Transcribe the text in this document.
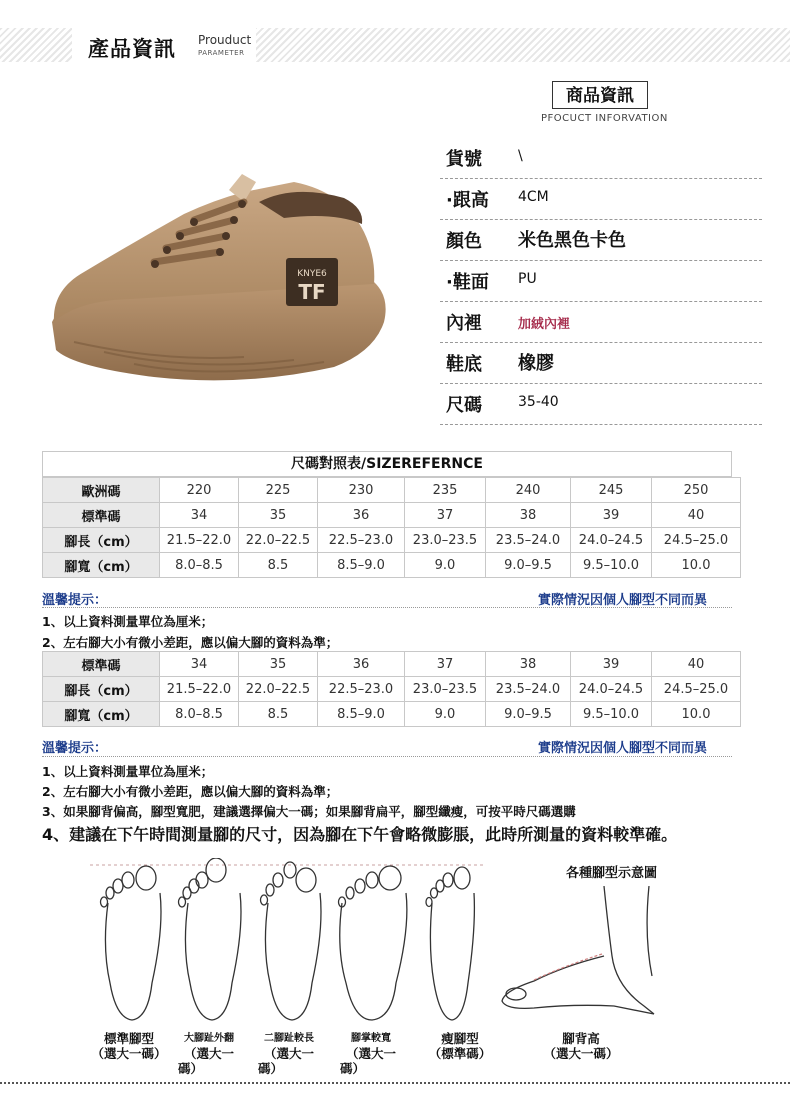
產品資訊 Prouduct
PARAMETER
KNYE6
TF
商品資訊
PFOCUCT INFORVATION
貨號	\
·跟高 4CM
顏色 米色黑色卡色
·鞋面 PU
內裡	加絨內裡
鞋底 橡膠
尺碼	35-40
尺碼對照表/SIZEREFERNCE
歐洲碼	220	225	230	235	240	245	250
標準碼	34	35	36	37	38	39	40
腳長（cm）	21.5–22.0	22.0–22.5	22.5–23.0	23.0–23.5	23.5–24.0	24.0–24.5	24.5–25.0
腳寬（cm）	8.0–8.5	8.5	8.5–9.0	9.0	9.0–9.5	9.5–10.0	10.0
溫馨提示：	實際情況因個人腳型不同而異
1、以上資料測量單位為厘米；
2、左右腳大小有微小差距，應以偏大腳的資料為準；
標準碼	34	35	36	37	38	39	40
腳長（cm）	21.5–22.0	22.0–22.5	22.5–23.0	23.0–23.5	23.5–24.0	24.0–24.5	24.5–25.0
腳寬（cm）	8.0–8.5	8.5	8.5–9.0	9.0	9.0–9.5	9.5–10.0	10.0
溫馨提示：	實際情況因個人腳型不同而異
1、以上資料測量單位為厘米；
2、左右腳大小有微小差距，應以偏大腳的資料為準；
3、如果腳背偏高，腳型寬肥，建議選擇偏大一碼；如果腳背扁平，腳型纖瘦，可按平時尺碼選購
4、建議在下午時間測量腳的尺寸，因為腳在下午會略微膨脹，此時所測量的資料較準確。
各種腳型示意圖
標準腳型
（選大一碼）
大腳趾外翻
（選大一
碼）
二腳趾較長
（選大一
碼）
腳掌較寬
（選大一
碼）
瘦腳型
（標準碼）
腳背高
（選大一碼）
